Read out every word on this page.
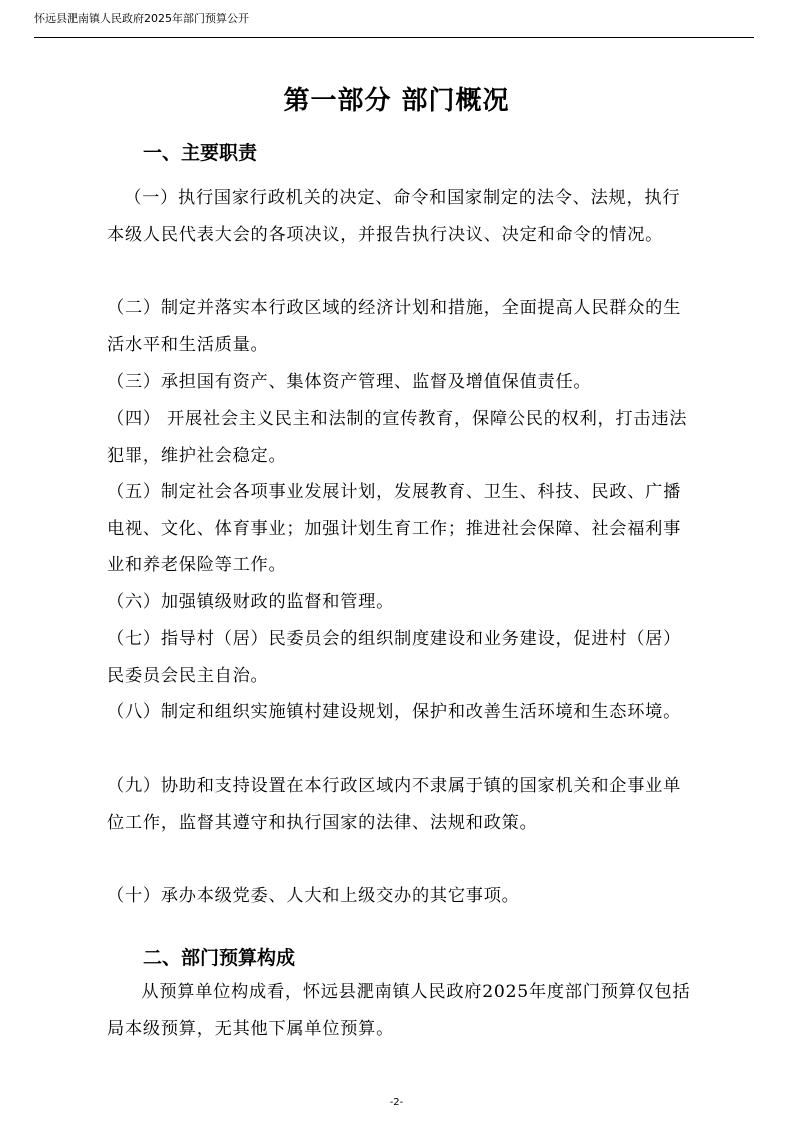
怀远县淝南镇人民政府2025年部门预算公开
第一部分 部门概况
一、主要职责

（一）执行国家行政机关的决定、命令和国家制定的法令、法规，执行本级人民代表大会的各项决议，并报告执行决议、决定和命令的情况。

（二）制定并落实本行政区域的经济计划和措施，全面提高人民群众的生活水平和生活质量。

（三）承担国有资产、集体资产管理、监督及增值保值责任。

（四） 开展社会主义民主和法制的宣传教育，保障公民的权利，打击违法犯罪，维护社会稳定。

（五）制定社会各项事业发展计划，发展教育、卫生、科技、民政、广播电视、文化、体育事业；加强计划生育工作；推进社会保障、社会福利事业和养老保险等工作。

（六）加强镇级财政的监督和管理。

（七）指导村（居）民委员会的组织制度建设和业务建设，促进村（居）民委员会民主自治。

（八）制定和组织实施镇村建设规划，保护和改善生活环境和生态环境。

（九）协助和支持设置在本行政区域内不隶属于镇的国家机关和企事业单位工作，监督其遵守和执行国家的法律、法规和政策。

（十）承办本级党委、人大和上级交办的其它事项。

二、部门预算构成

从预算单位构成看，怀远县淝南镇人民政府2025年度部门预算仅包括局本级预算，无其他下属单位预算。

-2-
